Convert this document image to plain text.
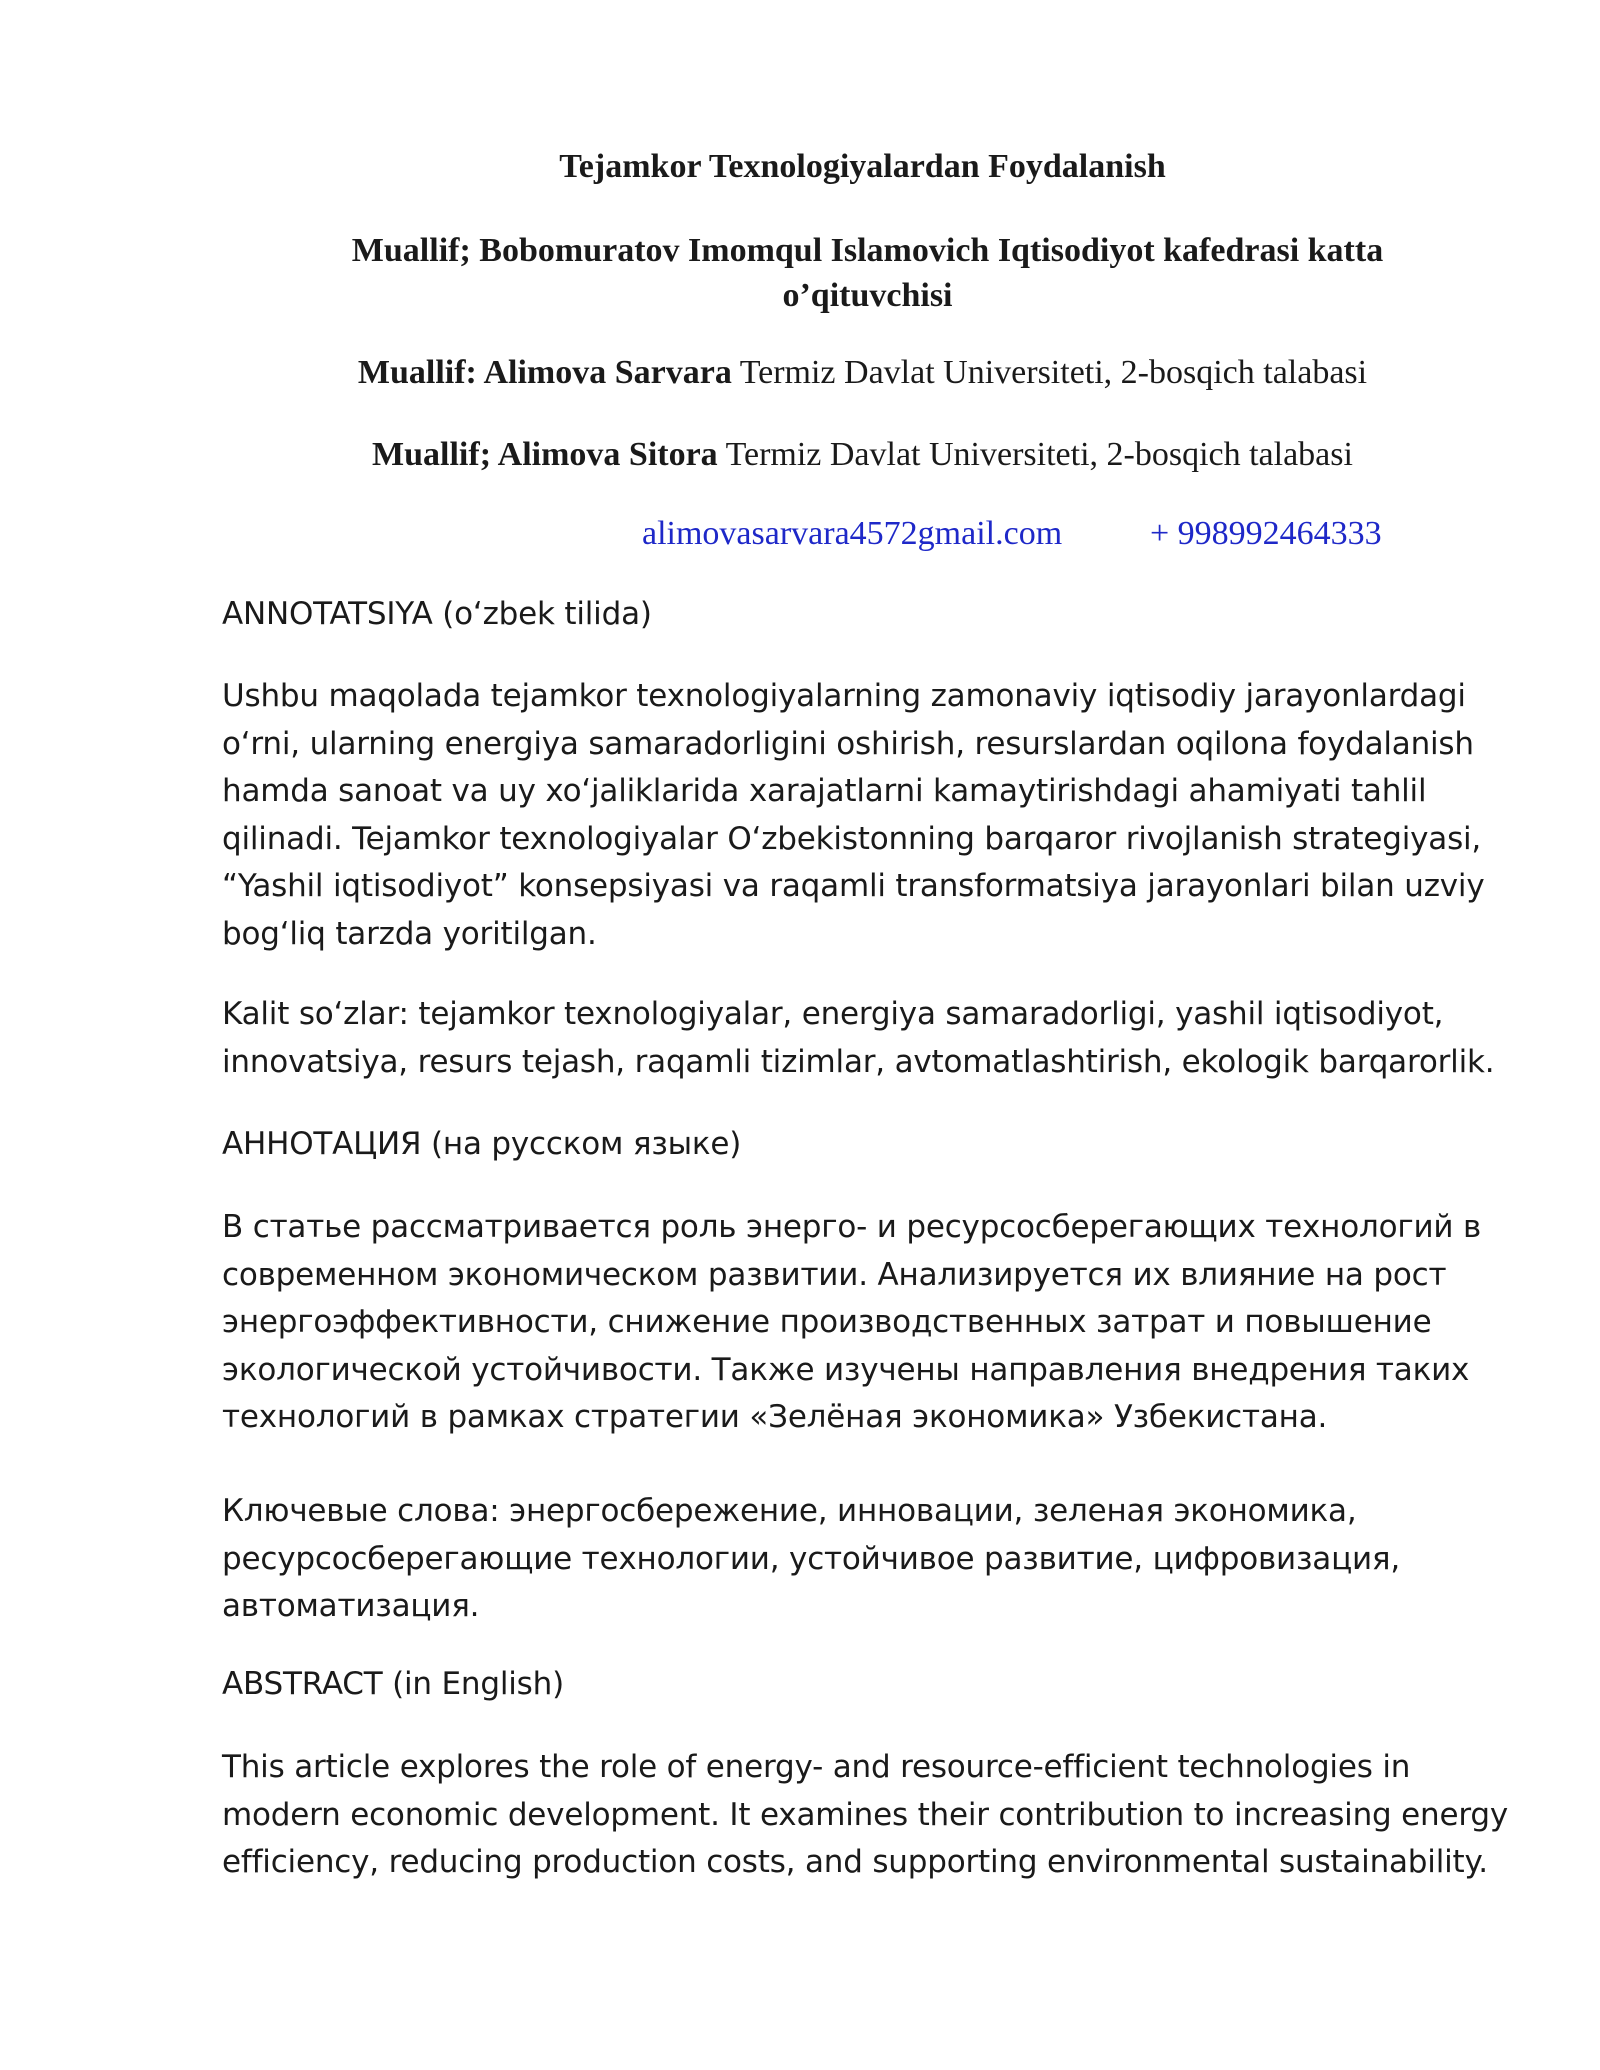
Tejamkor Texnologiyalardan Foydalanish
Muallif; Bobomuratov Imomqul Islamovich Iqtisodiyot kafedrasi katta o’qituvchisi
Muallif: Alimova Sarvara Termiz Davlat Universiteti, 2-bosqich talabasi
Muallif; Alimova Sitora Termiz Davlat Universiteti, 2-bosqich talabasi
alimovasarvara4572gmail.com	+ 998992464333
ANNOTATSIYA (oʻzbek tilida)
Ushbu maqolada tejamkor texnologiyalarning zamonaviy iqtisodiy jarayonlardagi
oʻrni, ularning energiya samaradorligini oshirish, resurslardan oqilona foydalanish
hamda sanoat va uy xoʻjaliklarida xarajatlarni kamaytirishdagi ahamiyati tahlil
qilinadi. Tejamkor texnologiyalar Oʻzbekistonning barqaror rivojlanish strategiyasi,
“Yashil iqtisodiyot” konsepsiyasi va raqamli transformatsiya jarayonlari bilan uzviy
bogʻliq tarzda yoritilgan.
Kalit soʻzlar: tejamkor texnologiyalar, energiya samaradorligi, yashil iqtisodiyot,
innovatsiya, resurs tejash, raqamli tizimlar, avtomatlashtirish, ekologik barqarorlik.
АННОТАЦИЯ (на русском языке)
В статье рассматривается роль энерго- и ресурсосберегающих технологий в
современном экономическом развитии. Анализируется их влияние на рост
энергоэффективности, снижение производственных затрат и повышение
экологической устойчивости. Также изучены направления внедрения таких
технологий в рамках стратегии «Зелёная экономика» Узбекистана.
Ключевые слова: энергосбережение, инновации, зеленая экономика,
ресурсосберегающие технологии, устойчивое развитие, цифровизация,
автоматизация.
ABSTRACT (in English)
This article explores the role of energy- and resource-efficient technologies in
modern economic development. It examines their contribution to increasing energy
efficiency, reducing production costs, and supporting environmental sustainability.
